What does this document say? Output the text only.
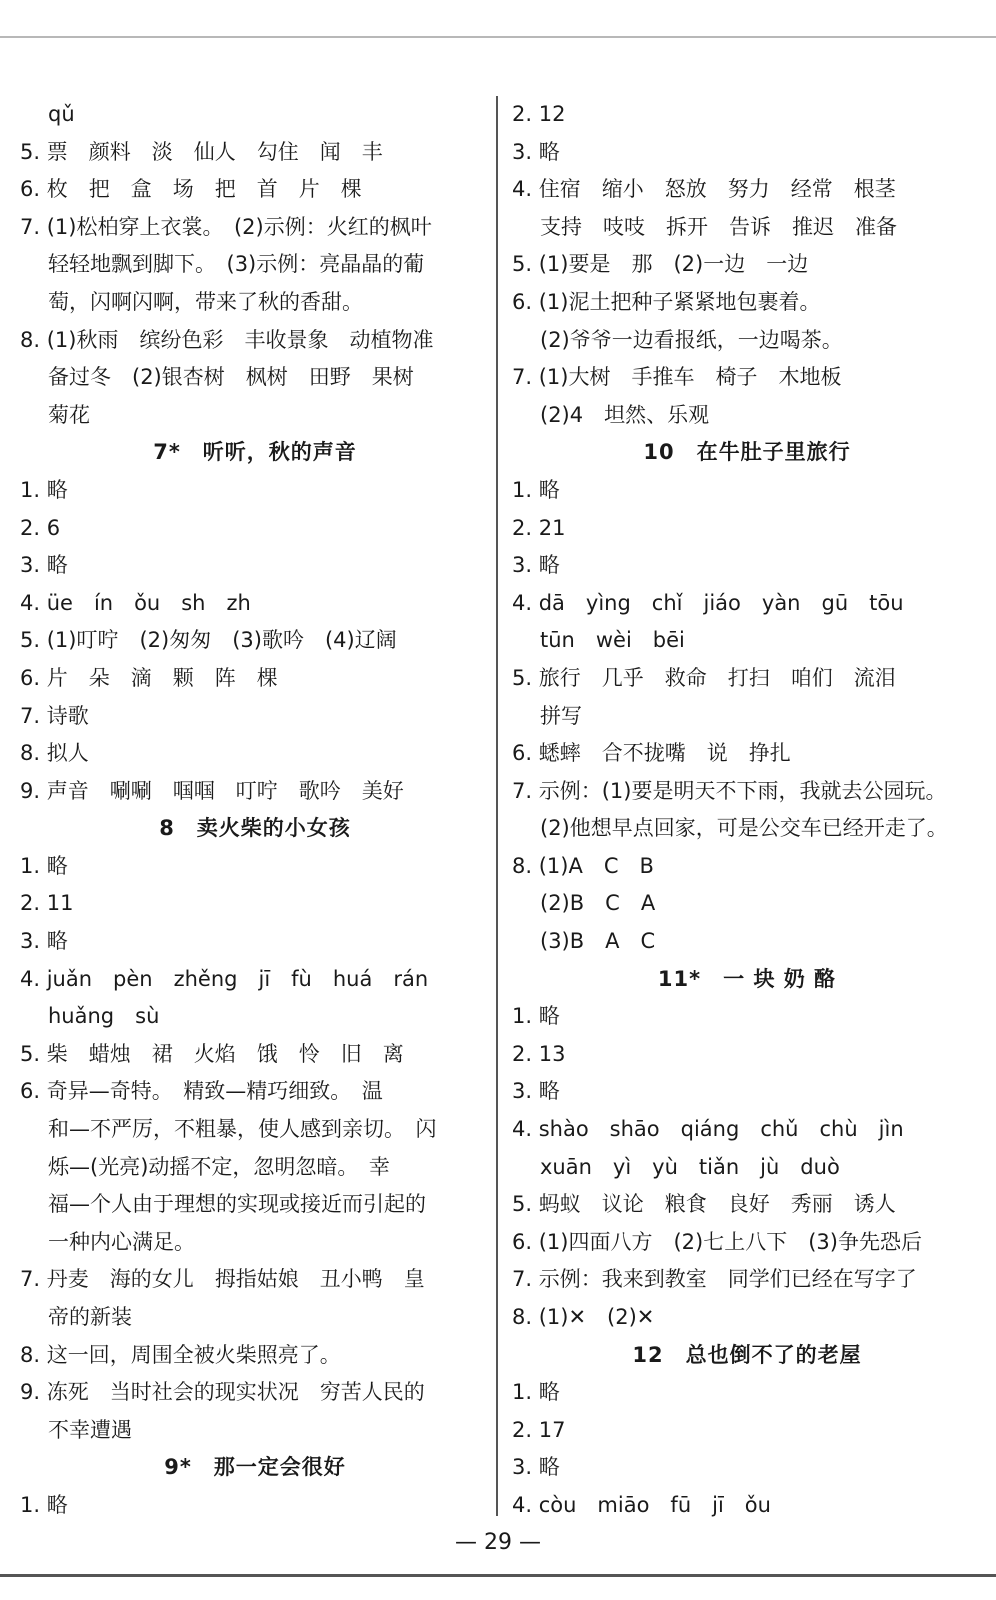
qǔ
5. 票　颜料　淡　仙人　勾住　闻　丰
6. 枚　把　盒　场　把　首　片　棵
7. (1)松柏穿上衣裳。　(2)示例：火红的枫叶
轻轻地飘到脚下。　(3)示例：亮晶晶的葡
萄，闪啊闪啊，带来了秋的香甜。
8. (1)秋雨　缤纷色彩　丰收景象　动植物准
备过冬　(2)银杏树　枫树　田野　果树
菊花
7*　听听，秋的声音
1. 略
2. 6
3. 略
4. üe　ín　ǒu　sh　zh
5. (1)叮咛　(2)匆匆　(3)歌吟　(4)辽阔
6. 片　朵　滴　颗　阵　棵
7. 诗歌
8. 拟人
9. 声音　唰唰　啯啯　叮咛　歌吟　美好
8　卖火柴的小女孩
1. 略
2. 11
3. 略
4. juǎn　pèn　zhěng　jī　fù　huá　rán
huǎng　sù
5. 柴　蜡烛　裙　火焰　饿　怜　旧　离
6. 奇异—奇特。　精致—精巧细致。　温
和—不严厉，不粗暴，使人感到亲切。　闪
烁—(光亮)动摇不定，忽明忽暗。　幸
福—个人由于理想的实现或接近而引起的
一种内心满足。
7. 丹麦　海的女儿　拇指姑娘　丑小鸭　皇
帝的新装
8. 这一回，周围全被火柴照亮了。
9. 冻死　当时社会的现实状况　穷苦人民的
不幸遭遇
9*　那一定会很好
1. 略
2. 12
3. 略
4. 住宿　缩小　怒放　努力　经常　根茎
支持　吱吱　拆开　告诉　推迟　准备
5. (1)要是　那　(2)一边　一边
6. (1)泥土把种子紧紧地包裹着。
(2)爷爷一边看报纸，一边喝茶。
7. (1)大树　手推车　椅子　木地板
(2)4　坦然、乐观
10　在牛肚子里旅行
1. 略
2. 21
3. 略
4. dā　yìng　chǐ　jiáo　yàn　gū　tōu
tūn　wèi　bēi
5. 旅行　几乎　救命　打扫　咱们　流泪
拼写
6. 蟋蟀　合不拢嘴　说　挣扎
7. 示例：(1)要是明天不下雨，我就去公园玩。
(2)他想早点回家，可是公交车已经开走了。
8. (1)A　C　B
(2)B　C　A
(3)B　A　C
11*　一 块 奶 酪
1. 略
2. 13
3. 略
4. shào　shāo　qiáng　chǔ　chù　jìn
xuān　yì　yù　tiǎn　jù　duò
5. 蚂蚁　议论　粮食　良好　秀丽　诱人
6. (1)四面八方　(2)七上八下　(3)争先恐后
7. 示例：我来到教室　同学们已经在写字了
8. (1)✕　(2)✕
12　总也倒不了的老屋
1. 略
2. 17
3. 略
4. còu　miāo　fū　jī　ǒu
— 29 —
